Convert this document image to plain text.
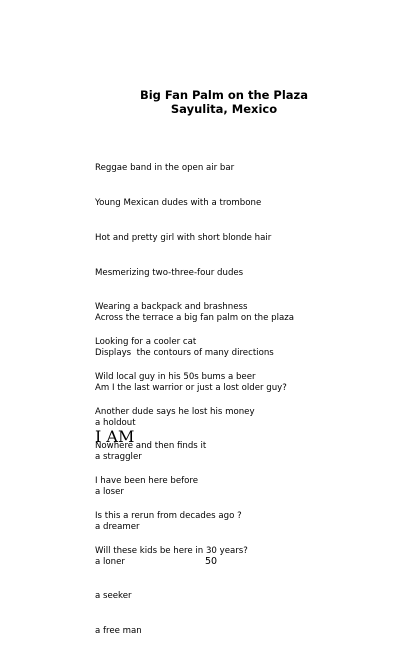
Big Fan Palm on the Plaza
Sayulita, Mexico

Reggae band in the open air bar

Young Mexican dudes with a trombone

Hot and pretty girl with short blonde hair

Mesmerizing two-three-four dudes

Wearing a backpack and brashness

Looking for a cooler cat

Wild local guy in his 50s bums a beer

Another dude says he lost his money

Nowhere and then finds it

I have been here before

Is this a rerun from decades ago ?

Will these kids be here in 30 years?

Across the terrace a big fan palm on the plaza

Displays  the contours of many directions

Am I the last warrior or just a lost older guy?

a holdout

a straggler

a loser

a dreamer

a loner

a seeker

a free man

I AM
50
